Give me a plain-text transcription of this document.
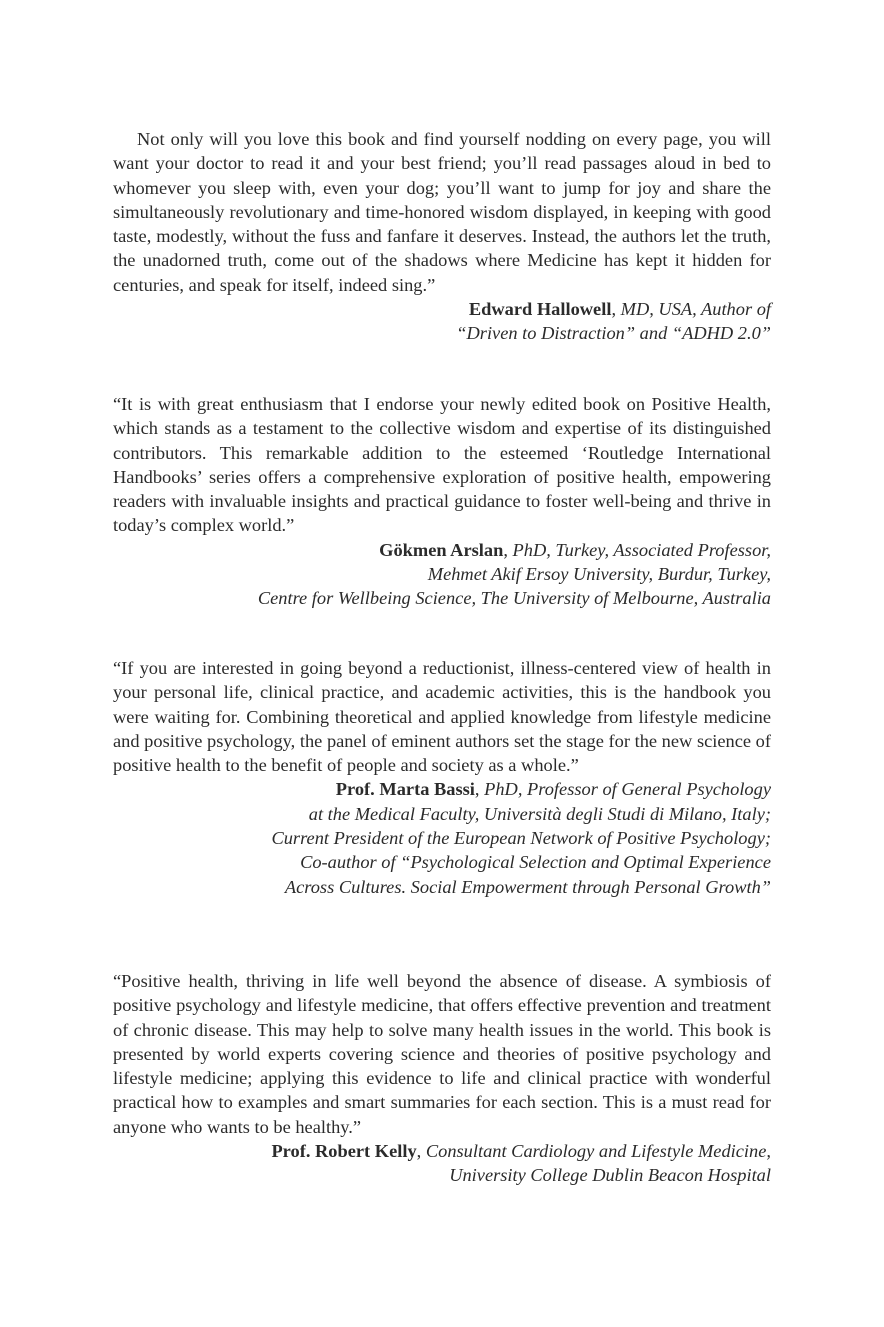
Not only will you love this book and find yourself nodding on every page, you will want your doctor to read it and your best friend; you’ll read passages aloud in bed to whomever you sleep with, even your dog; you’ll want to jump for joy and share the simultaneously revolutionary and time-honored wisdom displayed, in keeping with good taste, modestly, without the fuss and fanfare it deserves. Instead, the authors let the truth, the unadorned truth, come out of the shadows where Medicine has kept it hidden for centuries, and speak for itself, indeed sing.”

Edward Hallowell, MD, USA, Author of
“Driven to Distraction” and “ADHD 2.0”

“It is with great enthusiasm that I endorse your newly edited book on Positive Health, which stands as a testament to the collective wisdom and expertise of its distinguished contributors. This remarkable addition to the esteemed ‘Routledge International Handbooks’ series offers a comprehensive exploration of positive health, empowering readers with invaluable insights and practical guidance to foster well-being and thrive in today’s complex world.”

Gökmen Arslan, PhD, Turkey, Associated Professor,
Mehmet Akif Ersoy University, Burdur, Turkey,
Centre for Wellbeing Science, The University of Melbourne, Australia

“If you are interested in going beyond a reductionist, illness-centered view of health in your personal life, clinical practice, and academic activities, this is the handbook you were waiting for. Combining theoretical and applied knowledge from lifestyle medicine and positive psychology, the panel of eminent authors set the stage for the new science of positive health to the benefit of people and society as a whole.”

Prof. Marta Bassi, PhD, Professor of General Psychology
at the Medical Faculty, Università degli Studi di Milano, Italy;
Current President of the European Network of Positive Psychology;
Co-author of “Psychological Selection and Optimal Experience
Across Cultures. Social Empowerment through Personal Growth”

“Positive health, thriving in life well beyond the absence of disease. A symbiosis of positive psychology and lifestyle medicine, that offers effective prevention and treatment of chronic disease. This may help to solve many health issues in the world. This book is presented by world experts covering science and theories of positive psychology and lifestyle medicine; applying this evidence to life and clinical practice with wonderful practical how to examples and smart summaries for each section. This is a must read for anyone who wants to be healthy.”

Prof. Robert Kelly, Consultant Cardiology and Lifestyle Medicine,
University College Dublin Beacon Hospital
